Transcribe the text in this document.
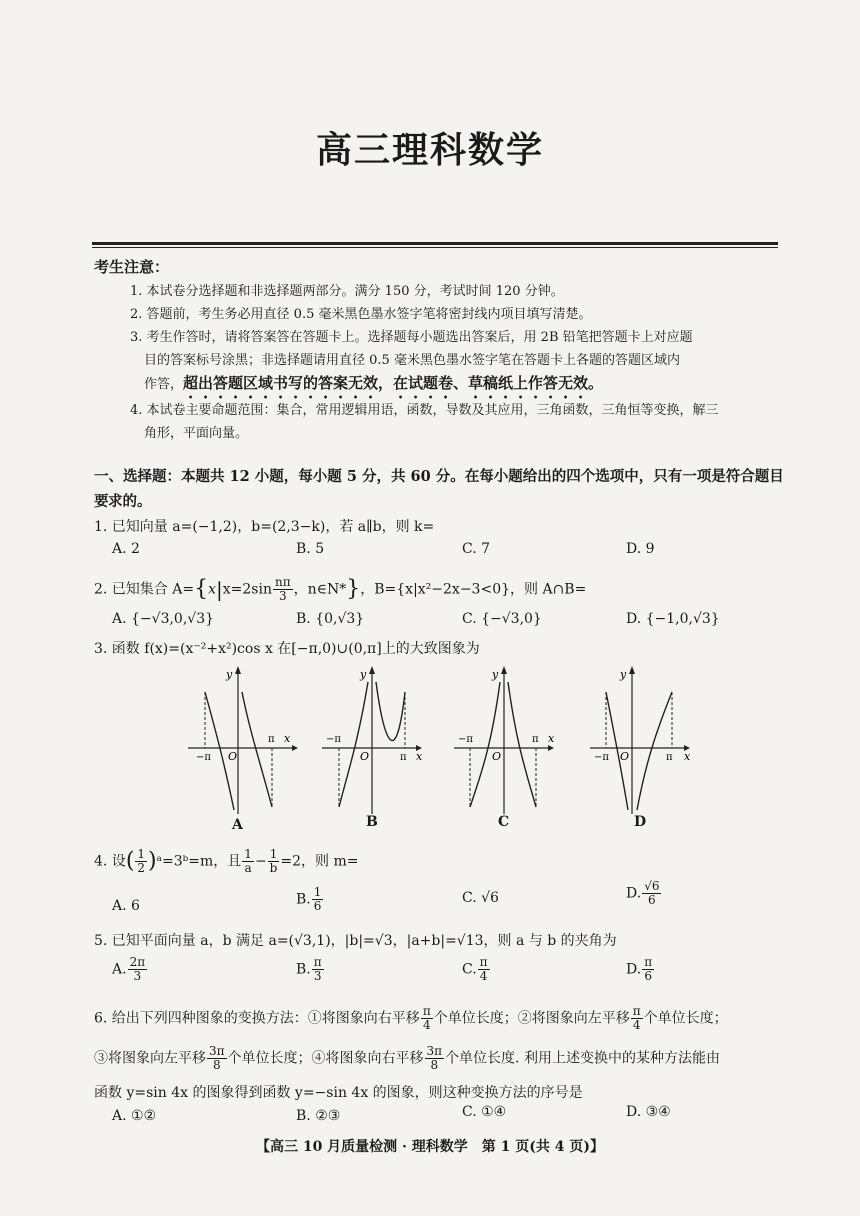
高三理科数学
考生注意：
1. 本试卷分选择题和非选择题两部分。满分 150 分，考试时间 120 分钟。
2. 答题前，考生务必用直径 0.5 毫米黑色墨水签字笔将密封线内项目填写清楚。
3. 考生作答时，请将答案答在答题卡上。选择题每小题选出答案后，用 2B 铅笔把答题卡上对应题
目的答案标号涂黑；非选择题请用直径 0.5 毫米黑色墨水签字笔在答题卡上各题的答题区域内
作答，超出答题区域书写的答案无效，在试题卷、草稿纸上作答无效。
4. 本试卷主要命题范围：集合，常用逻辑用语，函数，导数及其应用，三角函数，三角恒等变换，解三
角形，平面向量。
一、选择题：本题共 12 小题，每小题 5 分，共 60 分。在每小题给出的四个选项中，只有一项是符合题目要 求的。
1. 已知向量 a=(−1,2)，b=(2,3−k)，若 a∥b，则 k=
A. 2	B. 5	C. 7	D. 9
2. 已知集合 $A=\{x|x=2\sin \frac{n\pi}{3}$ ，n∈N*}，B={x|x²−2x−3<0}，则 A∩B=
A. {−√3,0,√3}	B. {0,√3}	C. {−√3,0}	D. {−1,0,√3}
3. 函数 f(x)=(x⁻²+x²)cos x 在[−π,0)∪(0,π]上的大致图象为
y
x
O
−π
π
y
x
O
−π
π
y
x
O
−π	π
y
x
O
−π	π
A	B	C	D
4. 设( $\frac{1}{2}$ )ᵃ=3ᵇ=m，且 $\frac{1}{a} - \frac{1}{b} =2$，则 m=
A. 6	B. $\frac{1}{6}$	C. √6	D. $\frac{√6}{6}$
5. 已知平面向量 a，b 满足 a=(√3,1)，|b|=√3，|a+b|=√13，则 a 与 b 的夹角为
A. $\frac{2\pi}{3}$	B. $\frac{\pi}{3}$	C. $\frac{\pi}{4}$	D. $\frac{\pi}{6}$
6. 给出下列四种图象的变换方法：①将图象向右平移 $\frac{\pi}{4}$ 个单位长度；②将图象向左平移 $\frac{\pi}{4}$ 个单位长度；
③将图象向左平移 $\frac{3\pi}{8}$ 个单位长度；④将图象向右平移 $\frac{3\pi}{8}$ 个单位长度. 利用上述变换中的某种方法能由
函数 y=sin 4x 的图象得到函数 y=−sin 4x 的图象，则这种变换方法的序号是
A. ①②	B. ②③	C. ①④	D. ③④
【高三 10 月质量检测 · 理科数学　第 1 页(共 4 页)】
